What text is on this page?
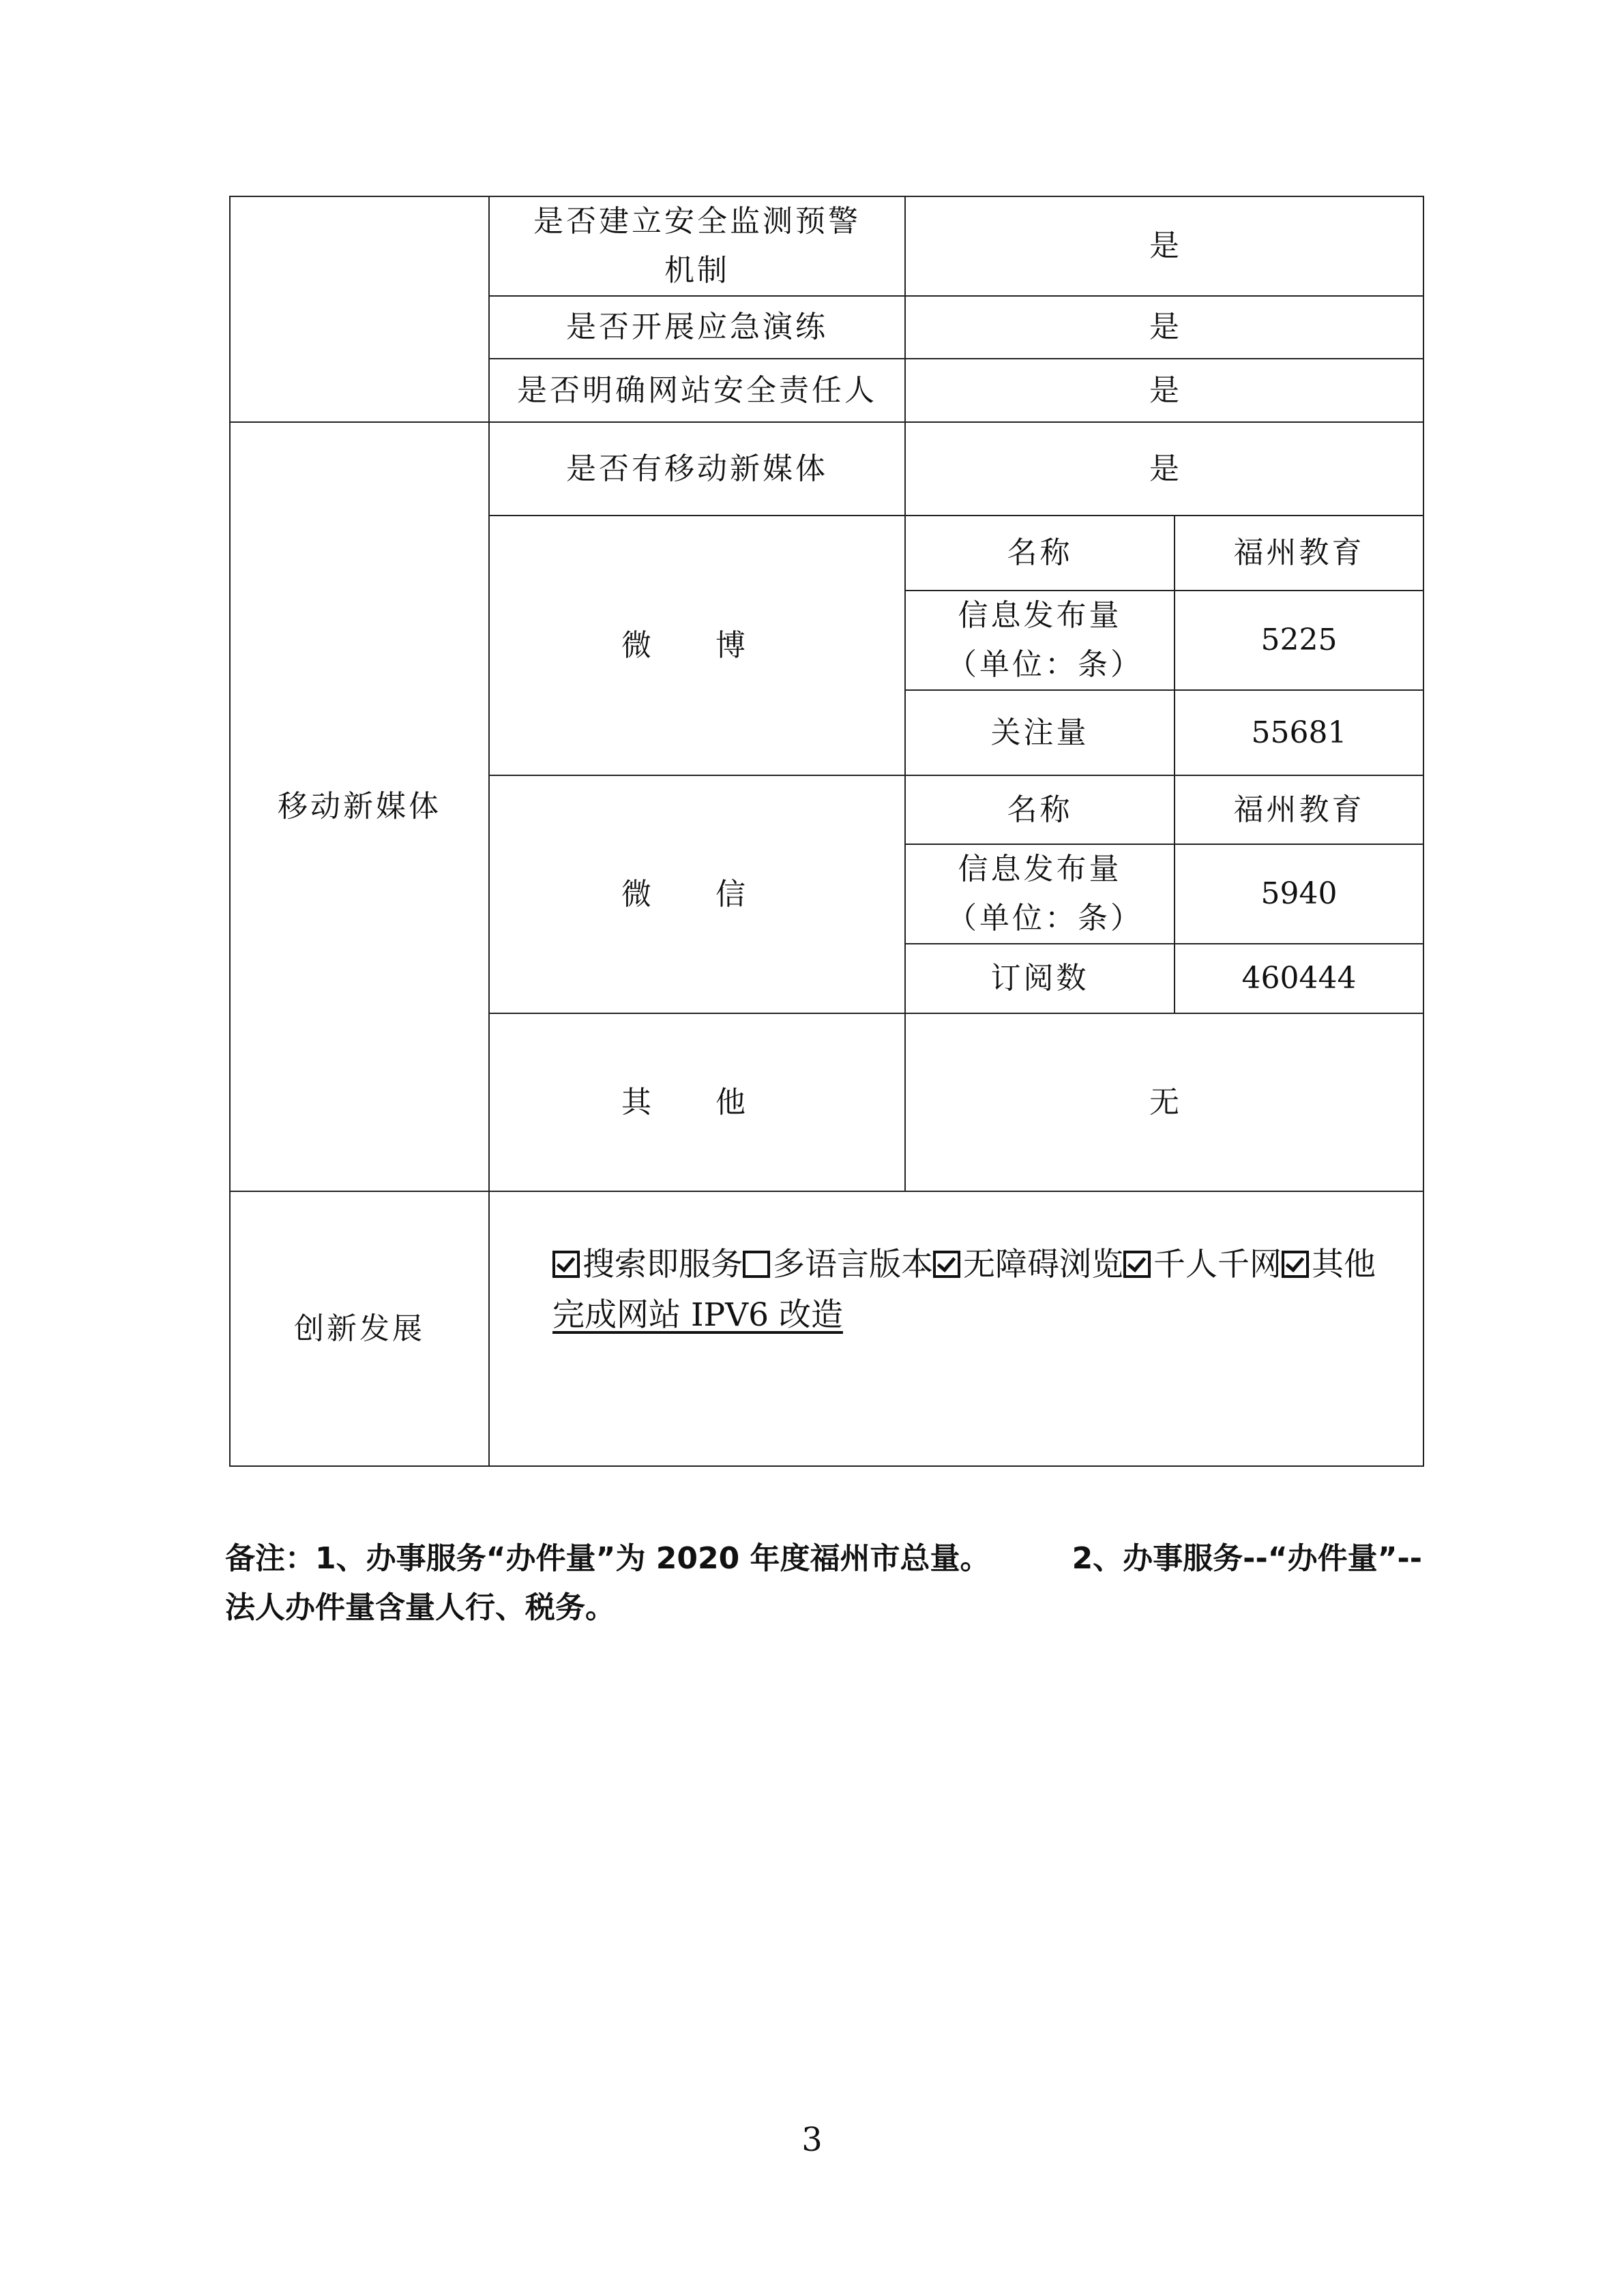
	是否建立安全监测预警机制	是	
	是否开展应急演练	是	
	是否明确网站安全责任人	是	
移动新媒体	是否有移动新媒体	是	
	微 博	名称	福州教育
		信息发布量（单位：条）	5225
		关注量	55681
	微 信	名称	福州教育
		信息发布量（单位：条）	5940
		订阅数	460444
	其 他	无	
创新发展	搜索即服务 多语言版本 无障碍浏览 千人千网 其他
完成网站 IPV6 改造		
备注：1、办事服务“办件量”为 2020 年度福州市总量。	2、办事服务--“办件量”--法人办件量含量人行、税务。
3
